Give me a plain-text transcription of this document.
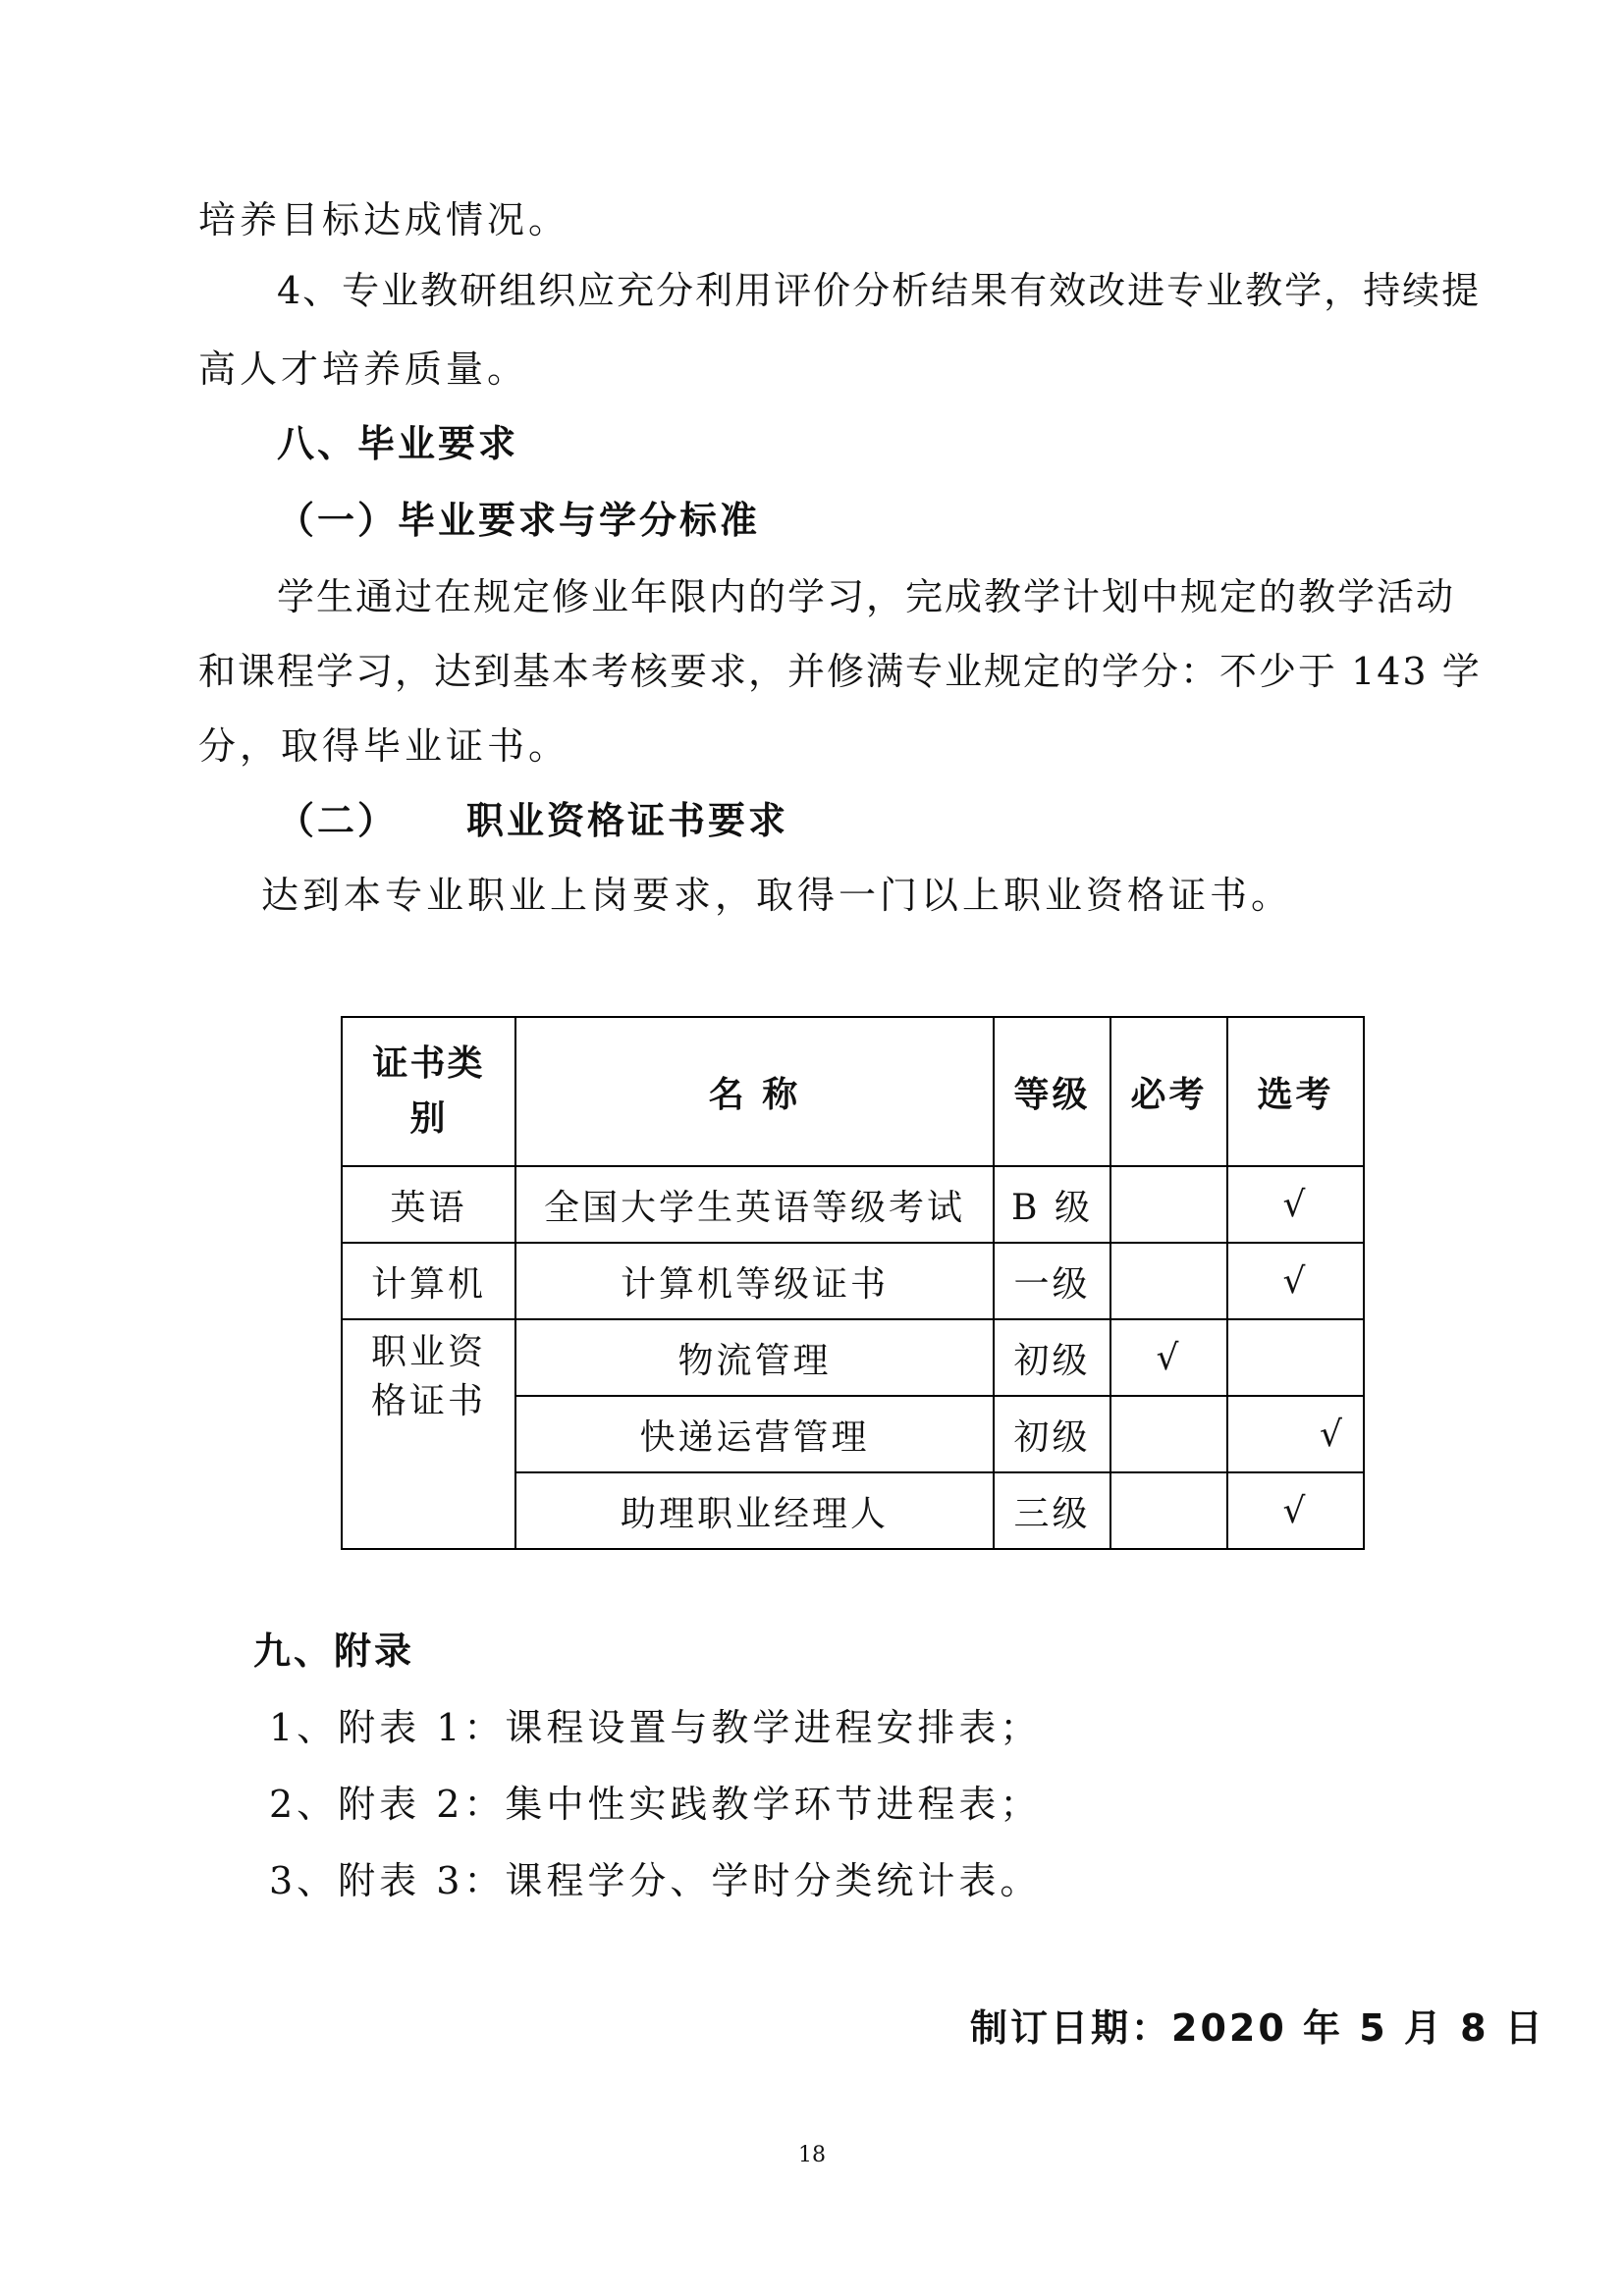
培养目标达成情况。
4、专业教研组织应充分利用评价分析结果有效改进专业教学，持续提
高人才培养质量。
八、毕业要求
（一）毕业要求与学分标准
学生通过在规定修业年限内的学习，完成教学计划中规定的教学活动
和课程学习，达到基本考核要求，并修满专业规定的学分：不少于 143 学
分，取得毕业证书。
（二） 职业资格证书要求
达到本专业职业上岗要求，取得一门以上职业资格证书。
证书类别	名 称	等级	必考	选考
英语	全国大学生英语等级考试	B 级		√
计算机	计算机等级证书	一级		√

职业资格证书	物流管理	初级	√	
	快递运营管理	初级		√
	助理职业经理人	三级		√
九、附录
1、附表 1：课程设置与教学进程安排表；
2、附表 2：集中性实践教学环节进程表；
3、附表 3：课程学分、学时分类统计表。
制订日期：2020 年 5 月 8 日
18
